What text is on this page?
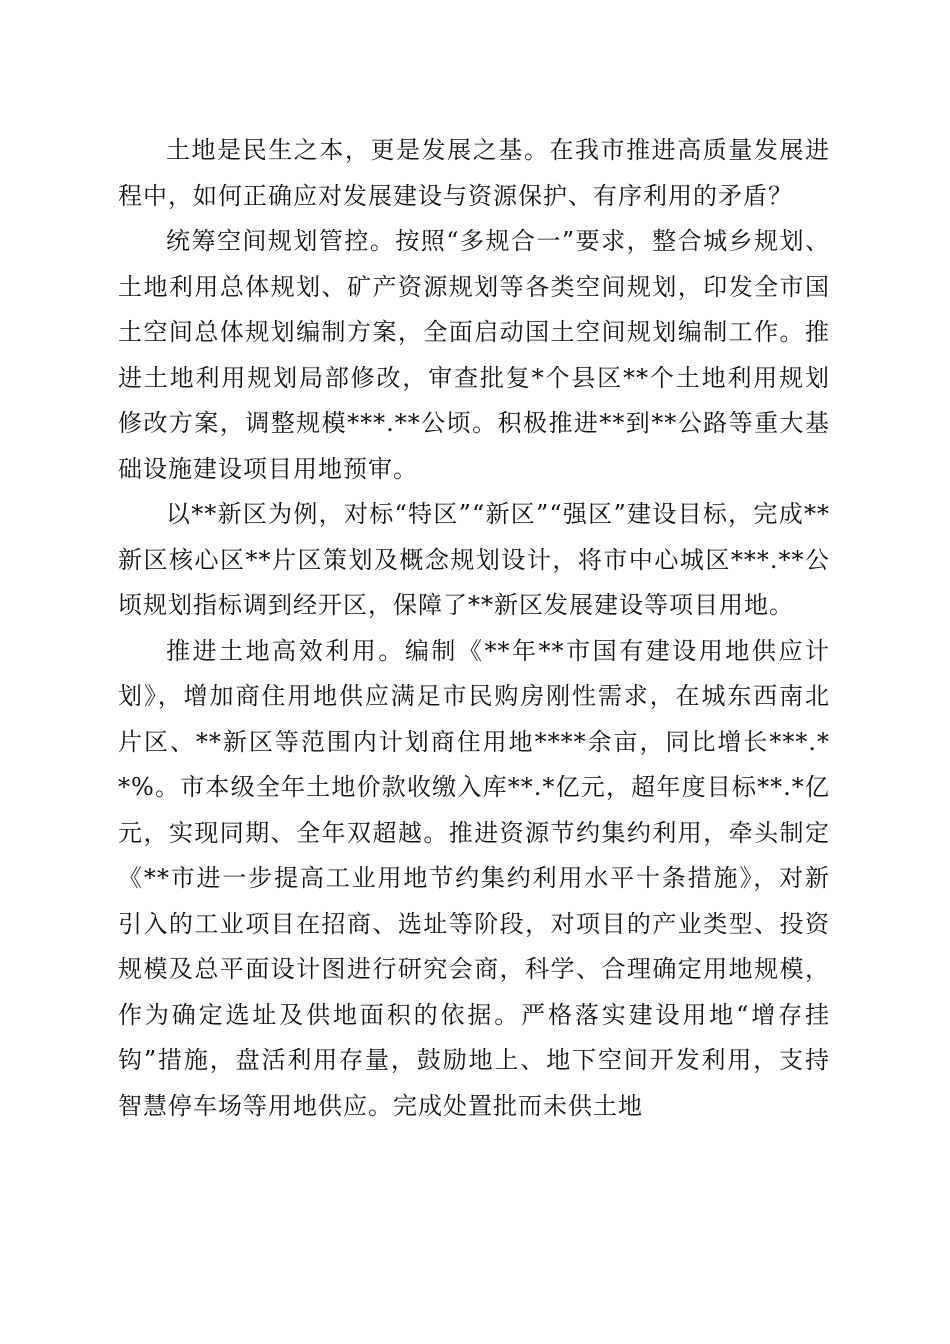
土地是民生之本，更是发展之基。在我市推进高质量发展进程中，如何正确应对发展建设与资源保护、有序利用的矛盾？

统筹空间规划管控。按照“多规合一”要求，整合城乡规划、土地利用总体规划、矿产资源规划等各类空间规划，印发全市国土空间总体规划编制方案，全面启动国土空间规划编制工作。推进土地利用规划局部修改，审查批复*个县区**个土地利用规划修改方案，调整规模***.**公顷。积极推进**到**公路等重大基础设施建设项目用地预审。

以**新区为例，对标“特区”“新区”“强区”建设目标，完成**新区核心区**片区策划及概念规划设计，将市中心城区***.**公顷规划指标调到经开区，保障了**新区发展建设等项目用地。

推进土地高效利用。编制《**年**市国有建设用地供应计划》，增加商住用地供应满足市民购房刚性需求，在城东西南北片区、**新区等范围内计划商住用地****余亩，同比增长***.**%。市本级全年土地价款收缴入库**.*亿元，超年度目标**.*亿元，实现同期、全年双超越。推进资源节约集约利用，牵头制定《**市进一步提高工业用地节约集约利用水平十条措施》，对新引入的工业项目在招商、选址等阶段，对项目的产业类型、投资规模及总平面设计图进行研究会商，科学、合理确定用地规模，作为确定选址及供地面积的依据。严格落实建设用地“增存挂钩”措施，盘活利用存量，鼓励地上、地下空间开发利用，支持智慧停车场等用地供应。完成处置批而未供土地
